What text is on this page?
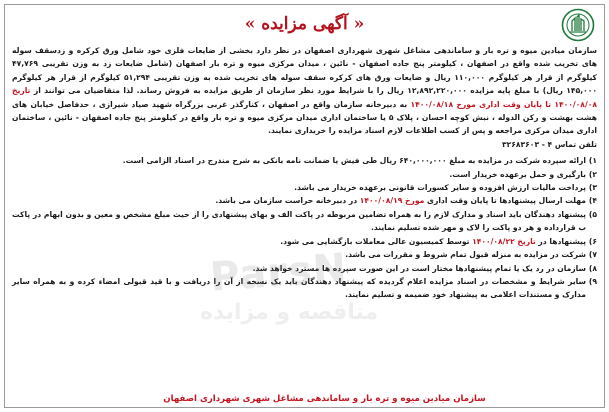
« آگهی مزایده »

سازمان میادین میوه و تره بار و ساماندهی مشاغل شهری شهرداری اصفهان در نظر دارد بخشی از ضایعات فلزی خود شامل ورق کرکره و زدسقف سوله های تخریب شده واقع در اصفهان ، کیلومتر پنج جاده اصفهان - نائین ، میدان مرکزی میوه و تره بار اصفهان (شامل ضایعات زد به وزن تقریبی ۴۷,۷۶۹ کیلوگرم از قرار هر کیلوگرم ۱۱۰,۰۰۰ ریال و ضایعات ورق های کرکره سقف سوله های تخریب شده به وزن تقریبی ۵۱,۲۹۴ کیلوگرم از قرار هر کیلوگرم ۱۴۵,۰۰۰ ریال) با مبلغ پایه مزایده ۱۲,۸۹۲,۲۲۰,۰۰۰ ریال را با شرایط مورد نظر سازمان از طریق مزایده به فروش رساند. لذا متقاضیان می توانند از تاریخ ۱۴۰۰/۰۸/۰۸ تا پایان وقت اداری مورخ ۱۴۰۰/۰۸/۱۸ به دبیرخانه سازمان واقع در اصفهان ، کنارگذر غربی بزرگراه شهید صیاد شیرازی ، حدفاصل خیابان های هشت بهشت و رکن الدوله ، نبش کوچه احسان ، پلاک ۵ یا ساختمان اداری میدان مرکزی میوه و تره بار واقع در کیلومتر پنج جاده اصفهان - نائین ، ساختمان اداری میدان مرکزی مراجعه و پس از کسب اطلاعات لازم اسناد مزایده را خریداری نمایند.

تلفن تماس ۴ - ۳۲۶۸۳۶۰۳

۱)
ارائه سپرده شرکت در مزایده به مبلغ ۶۴۰,۰۰۰,۰۰۰ ریال طی فیش یا ضمانت نامه بانکی به شرح مندرج در اسناد الزامی است.
۲)
بارگیری و حمل برعهده خریدار است.
۳)
پرداخت مالیات ارزش افزوده و سایر کسورات قانونی برعهده خریدار می باشد.
۴)
مهلت ارسال پیشنهادها تا پایان وقت اداری مورخ ۱۴۰۰/۰۸/۱۹ در دبیرخانه حراست سازمان می باشد.
۵)
پیشنهاد دهندگان باید اسناد و مدارک لازم را به همراه تضامین مربوطه در پاکت الف و بهای پیشنهادی را از حیث مبلغ مشخص و معین و بدون ابهام در پاکت ب قرارداده و هر دو پاکت را لاک و مهر شده تسلیم نمایند.
۶)
پیشنهادها در تاریخ ۱۴۰۰/۰۸/۲۲ توسط کمیسیون عالی معاملات بازگشایی می شود.
۷)
شرکت در مزایده به منزله قبول تمام شروط و مقررات می باشد.
۸)
سازمان در رد یک یا تمام پیشنهادها مختار است در این صورت سپرده ها مسترد خواهد شد.
۹)
سایر شرایط و مشخصات در اسناد مزایده اعلام گردیده که پیشنهاد دهندگان باید یک نسخه از آن را دریافت و با قید قبولی امضاء کرده و به همراه سایر مدارک و مستندات اعلامی به پیشنهاد خود ضمیمه و تسلیم نمایند.
ParsN
مناقصه و مزایده
سازمان میادین میوه و تره بار و ساماندهی مشاغل شهری شهرداری اصفهان
